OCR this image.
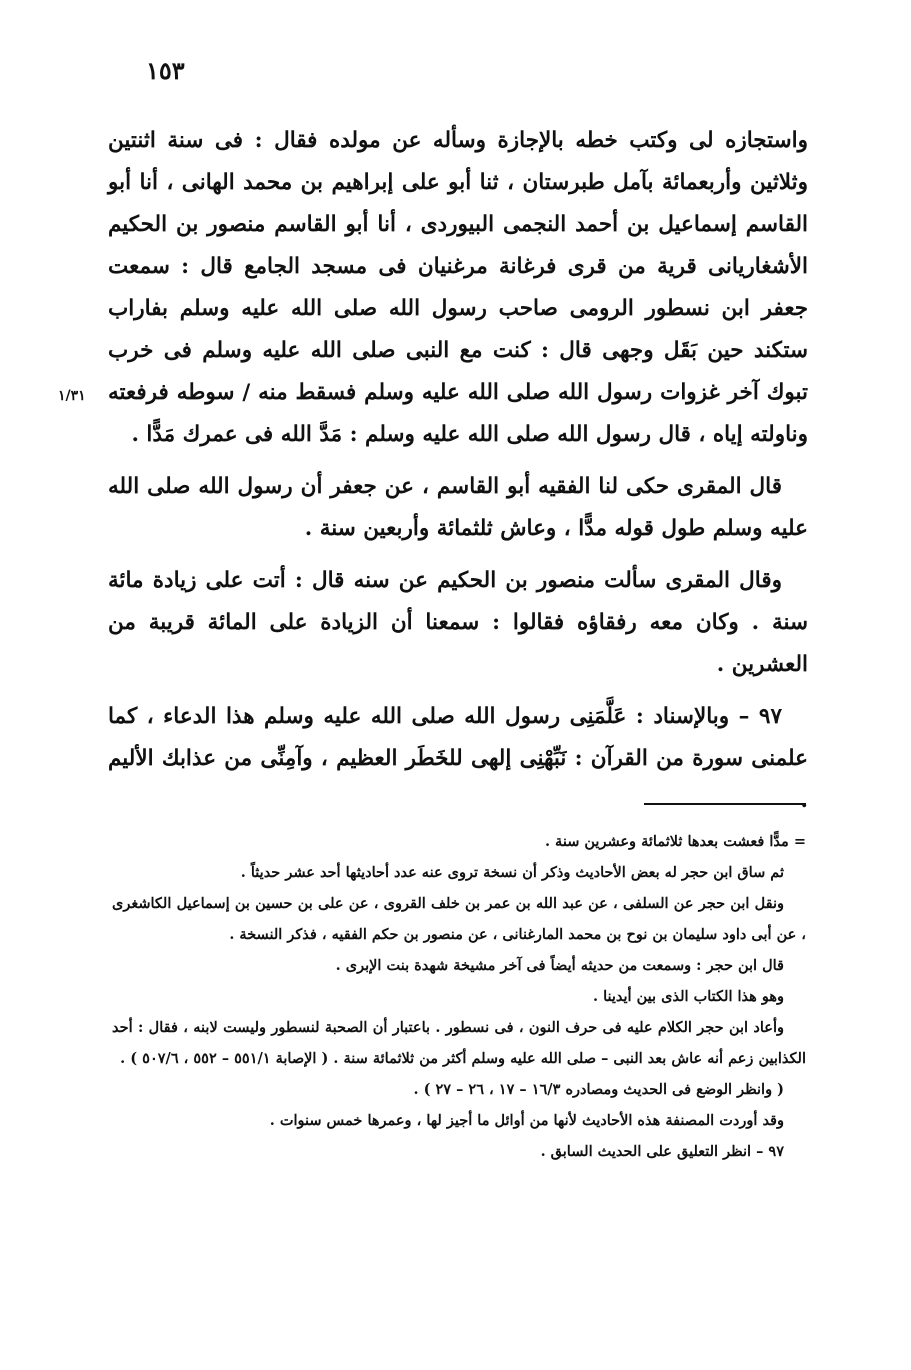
١٥٣
١/٣١

واستجازه لى وكتب خطه بالإجازة وسأله عن مولده فقال : فى سنة اثنتين وثلاثين وأربعمائة بآمل طبرستان ، ثنا أبو على إبراهيم بن محمد الهانى ، أنا أبو القاسم إسماعيل بن أحمد النجمى البيوردى ، أنا أبو القاسم منصور بن الحكيم الأشغاريانى قرية من قرى فرغانة مرغنيان فى مسجد الجامع قال : سمعت جعفر ابن نسطور الرومى صاحب رسول الله صلى الله عليه وسلم بفاراب ستكند حين بَقَل وجهى قال : كنت مع النبى صلى الله عليه وسلم فى خرب تبوك آخر غزوات رسول الله صلى الله عليه وسلم فسقط منه / سوطه فرفعته وناولته إياه ، قال رسول الله صلى الله عليه وسلم : مَدَّ الله فى عمرك مَدًّا .

قال المقرى حكى لنا الفقيه أبو القاسم ، عن جعفر أن رسول الله صلى الله عليه وسلم طول قوله مدًّا ، وعاش ثلثمائة وأربعين سنة .

وقال المقرى سألت منصور بن الحكيم عن سنه قال : أتت على زيادة مائة سنة . وكان معه رفقاؤه فقالوا : سمعنا أن الزيادة على المائة قريبة من العشرين .

٩٧ – وبالإسناد : عَلَّمَنِى رسول الله صلى الله عليه وسلم هذا الدعاء ، كما علمنى سورة من القرآن : نَبِّهْنِى إلهى للخَطَر العظيم ، وآمِنِّى من عذابك الأليم .

= مدًّا فعشت بعدها ثلاثمائة وعشرين سنة .

ثم ساق ابن حجر له بعض الأحاديث وذكر أن نسخة تروى عنه عدد أحاديثها أحد عشر حديثاً .

ونقل ابن حجر عن السلفى ، عن عبد الله بن عمر بن خلف القروى ، عن على بن حسين بن إسماعيل الكاشغرى ، عن أبى داود سليمان بن نوح بن محمد المارغنانى ، عن منصور بن حكم الفقيه ، فذكر النسخة .

قال ابن حجر : وسمعت من حديثه أيضاً فى آخر مشيخة شهدة بنت الإبرى .

وهو هذا الكتاب الذى بين أيدينا .

وأعاد ابن حجر الكلام عليه فى حرف النون ، فى نسطور . باعتبار أن الصحبة لنسطور وليست لابنه ، فقال : أحد الكذابين زعم أنه عاش بعد النبى – صلى الله عليه وسلم أكثر من ثلاثمائة سنة . ( الإصابة ٥٥١/١ – ٥٥٢ ، ٥٠٧/٦ ) .

( وانظر الوضع فى الحديث ومصادره ١٦/٣ – ١٧ ، ٢٦ – ٢٧ ) .

وقد أوردت المصنفة هذه الأحاديث لأنها من أوائل ما أجيز لها ، وعمرها خمس سنوات .

٩٧ – انظر التعليق على الحديث السابق .
